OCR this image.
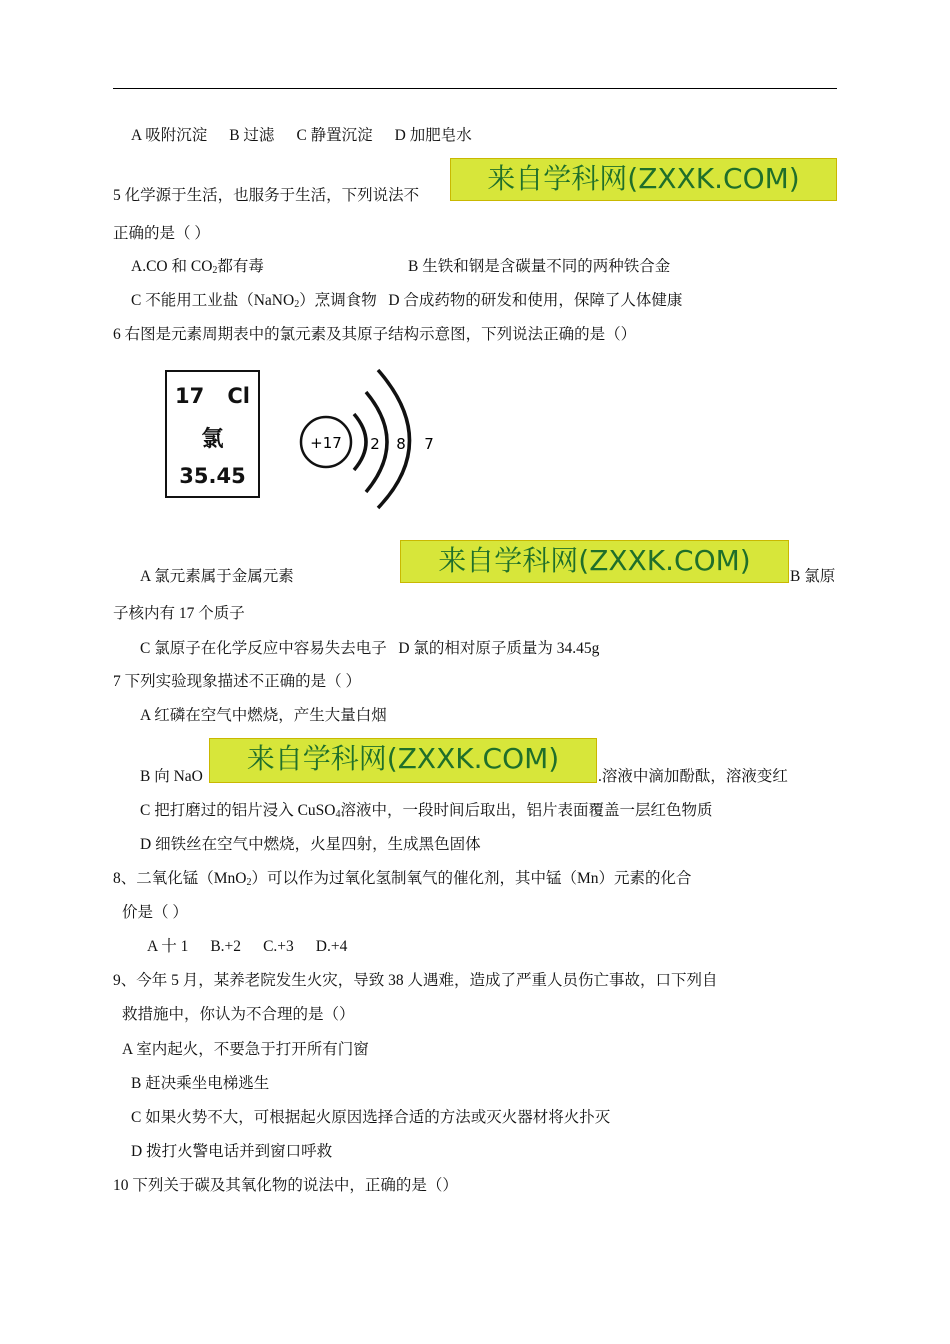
A 吸附沉淀 B 过滤 C 静置沉淀 D 加肥皂水
5 化学源于生活，也服务于生活，下列说法不
来自学科网(ZXXK.COM)
正确的是（ ）
A.CO 和 $CO_2$都有毒	B 生铁和钢是含碳量不同的两种铁合金
C 不能用工业盐（NaNO$_2$）烹调食物 D 合成药物的研发和使用，保障了人体健康
6 右图是元素周期表中的氯元素及其原子结构示意图，下列说法正确的是（）
17 Cl
氯
35.45
+17 2 8 7
A 氯元素属于金属元素	来自学科网(ZXXK.COM)	B 氯原
子核内有 17 个质子
C 氯原子在化学反应中容易失去电子 D 氯的相对原子质量为 34.45g
7 下列实验现象描述不正确的是（ ）
A 红磷在空气中燃烧，产生大量白烟
B 向 NaO
来自学科网(ZXXK.COM)
.溶液中滴加酚酞，溶液变红
C 把打磨过的铝片浸入 CuSO$_4$溶液中，一段时间后取出，铝片表面覆盖一层红色物质
D 细铁丝在空气中燃烧，火星四射，生成黑色固体
8、二氧化锰（MnO$_2$）可以作为过氧化氢制氧气的催化剂，其中锰（Mn）元素的化合
价是（ ）
A 十 1 B.+2 C.+3 D.+4
9、今年 5 月，某养老院发生火灾，导致 38 人遇难，造成了严重人员伤亡事故，口下列自
救措施中，你认为不合理的是（）
A 室内起火，不要急于打开所有门窗
B 赶决乘坐电梯逃生
C 如果火势不大，可根据起火原因选择合适的方法或灭火器材将火扑灭
D 拨打火警电话并到窗口呼救
10 下列关于碳及其氧化物的说法中，正确的是（）
